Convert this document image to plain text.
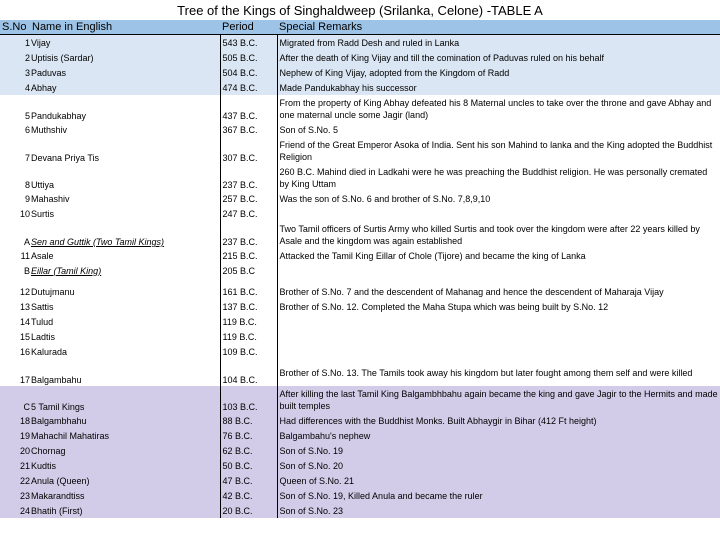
Tree of the Kings of Singhaldweep (Srilanka, Celone) -TABLE A
S.No	Name in English	Period	Special Remarks
1	Vijay	543 B.C.	Migrated from Radd Desh and ruled in Lanka
2	Uptisis (Sardar)	505 B.C.	After the death of King Vijay and till the comination of Paduvas ruled on his behalf
3	Paduvas	504 B.C.	Nephew of King Vijay, adopted from the Kingdom of Radd
4	Abhay	474 B.C.	Made Pandukabhay his successor
5	Pandukabhay	437 B.C.	From the property of King Abhay defeated his 8 Maternal uncles to take over the throne and gave Abhay and one maternal uncle some Jagir (land)
6	Muthshiv	367 B.C.	Son of S.No. 5
7	Devana Priya Tis	307 B.C.	Friend of the Great Emperor Asoka of India. Sent his son Mahind to lanka and the King adopted the Buddhist Religion
8	Uttiya	237 B.C.	260 B.C. Mahind died in Ladkahi were he was preaching the Buddhist religion. He was personally cremated by King Uttam
9	Mahashiv	257 B.C.	Was the son of S.No. 6 and brother of S.No. 7,8,9,10
10	Surtis	247 B.C.	
A	Sen and Guttik (Two Tamil Kings)	237 B.C.	Two Tamil officers of Surtis Army who killed Surtis and took over the kingdom were after 22 years killed by Asale and the kingdom was again established
11	Asale	215 B.C.	Attacked the Tamil King Eillar of Chole (Tijore) and became the king of Lanka
B	Eillar (Tamil King)	205 B.C	

12	Dutujmanu	161 B.C.	Brother of S.No. 7 and the descendent of Mahanag and hence the descendent of Maharaja Vijay
13	Sattis	137 B.C.	Brother of S.No. 12. Completed the Maha Stupa which was being built by S.No. 12
14	Tulud	119 B.C.	
15	Ladtis	119 B.C.	
16	Kalurada	109 B.C.	
17	Balgambahu	104 B.C.	Brother of S.No. 13. The Tamils took away his kingdom but later fought among them self and were killed
C	5 Tamil Kings	103 B.C.	After killing the last Tamil King Balgambhbahu again became the king and gave Jagir to the Hermits and made built temples
18	Balgambhahu	88 B.C.	Had differences with the Buddhist Monks. Built Abhaygir in Bihar (412 Ft height)
19	Mahachil Mahatiras	76 B.C.	Balgambahu's nephew
20	Chornag	62 B.C.	Son of S.No. 19
21	Kudtis	50 B.C.	Son of S.No. 20
22	Anula (Queen)	47 B.C.	Queen of S.No. 21
23	Makarandtiss	42 B.C.	Son of S.No. 19, Killed Anula and became the ruler
24	Bhatih (First)	20 B.C.	Son of S.No. 23
